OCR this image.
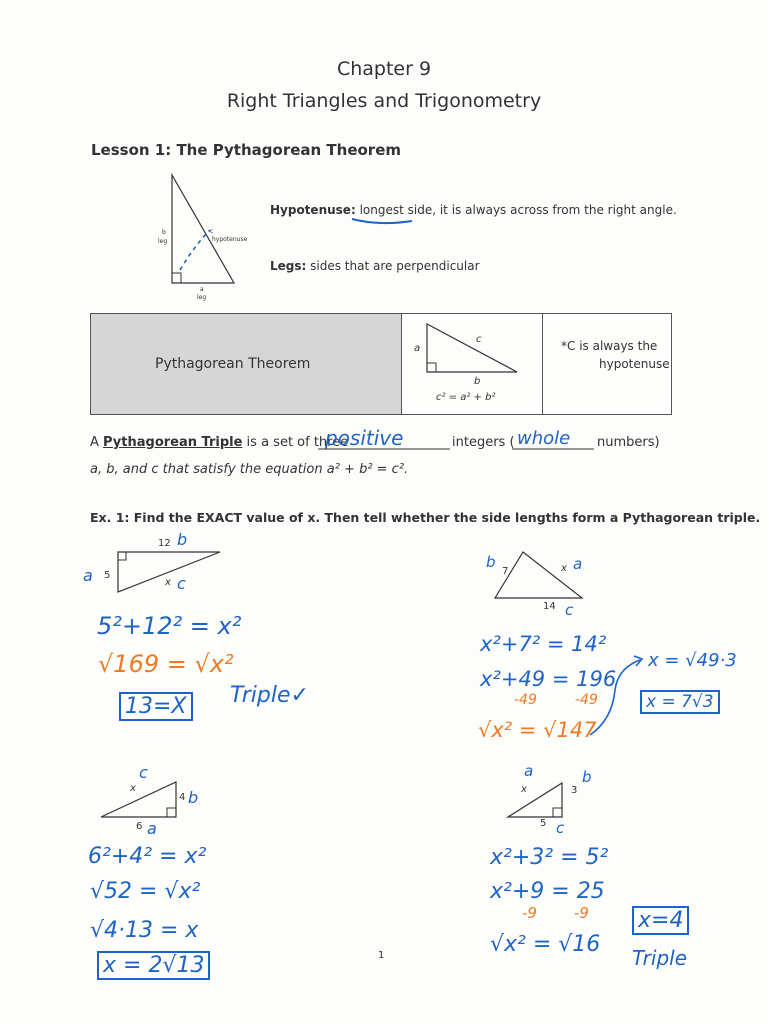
Chapter 9
Right Triangles and Trigonometry
Lesson 1: The Pythagorean Theorem
b
leg
c
hypotenuse
a
leg
Hypotenuse: longest side, it is always across from the right angle.
Legs: sides that are perpendicular
Pythagorean Theorem
*C is always the
hypotenuse
a
c
b
c² = a² + b²
A Pythagorean Triple is a set of three
positive	integers ( whole numbers)
a, b, and c that satisfy the equation a² + b² = c².
Ex. 1: Find the EXACT value of x. Then tell whether the side lengths form a Pythagorean triple.
12 b
5
a	x c
5²+12² = x²
√169 = √x²
13=X Triple✓
b
7	x a
14 c
x²+7² = 14²
x²+49 = 196
-49	-49
√x² = √147
x = √49·3
x = 7√3
c
x
4 b
6 a
6²+4² = x²
√52 = √x²
√4·13 = x
x = 2√13
a
x	3
b
5 c
x²+3² = 5²
x²+9 = 25
-9 -9
√x² = √16
x=4
Triple
1
